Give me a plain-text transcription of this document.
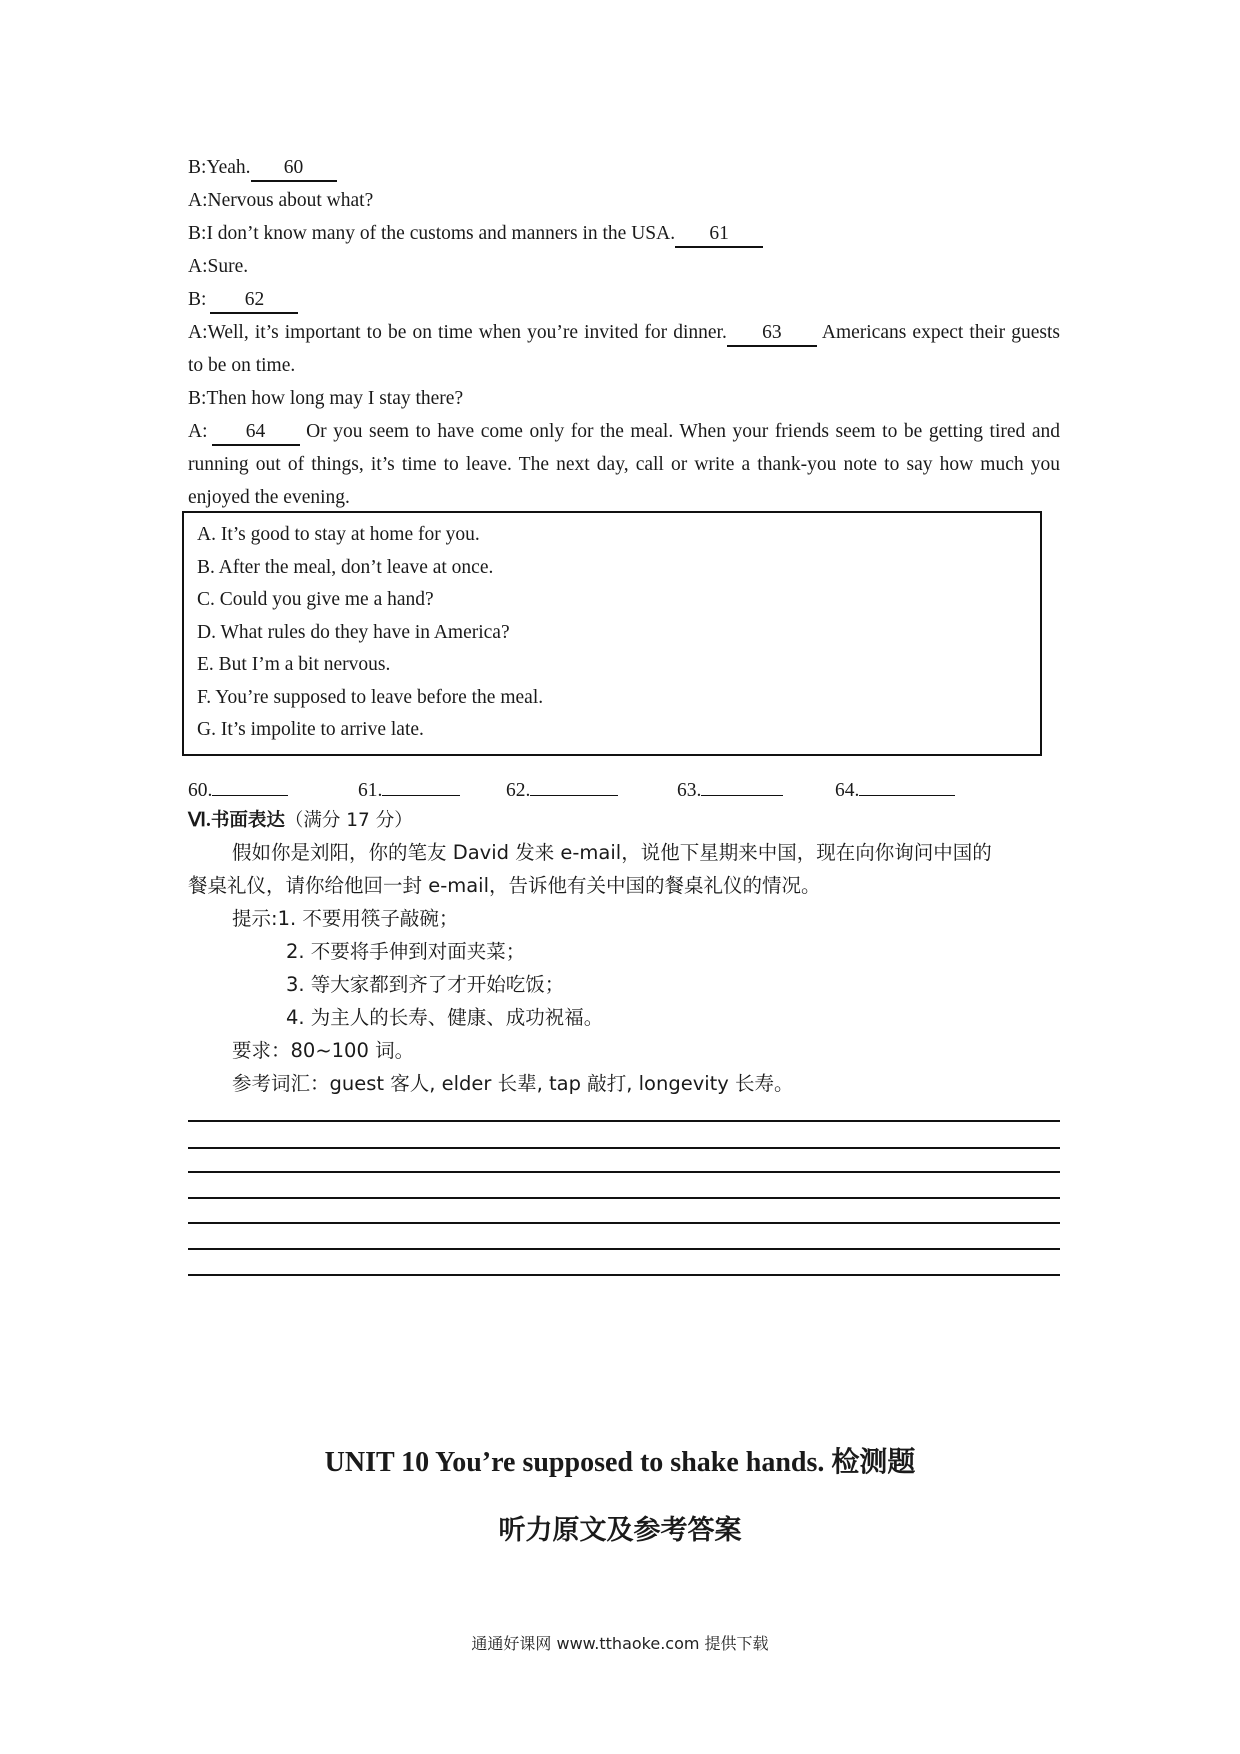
B:Yeah. 60
A:Nervous about what?
B:I don’t know many of the customs and manners in the USA. 61
A:Sure.
B: 62
A:Well, it’s important to be on time when you’re invited for dinner. 63 Americans expect their guests to be on time.
B:Then how long may I stay there?
A: 64 Or you seem to have come only for the meal. When your friends seem to be getting tired and running out of things, it’s time to leave. The next day, call or write a thank-you note to say how much you enjoyed the evening.
A. It’s good to stay at home for you.
B. After the meal, don’t leave at once.
C. Could you give me a hand?
D. What rules do they have in America?
E. But I’m a bit nervous.
F. You’re supposed to leave before the meal.
G. It’s impolite to arrive late.
60.	61.	62.	63.	64.
Ⅵ.书面表达（满分 17 分）
假如你是刘阳，你的笔友 David 发来 e-mail，说他下星期来中国，现在向你询问中国的
餐桌礼仪，请你给他回一封 e-mail，告诉他有关中国的餐桌礼仪的情况。
提示:1. 不要用筷子敲碗；
2. 不要将手伸到对面夹菜；
3. 等大家都到齐了才开始吃饭；
4. 为主人的长寿、健康、成功祝福。
要求：80~100 词。
参考词汇：guest 客人, elder 长辈, tap 敲打, longevity 长寿。
UNIT 10 You’re supposed to shake hands. 检测题
听力原文及参考答案
通通好课网 www.tthaoke.com 提供下载
